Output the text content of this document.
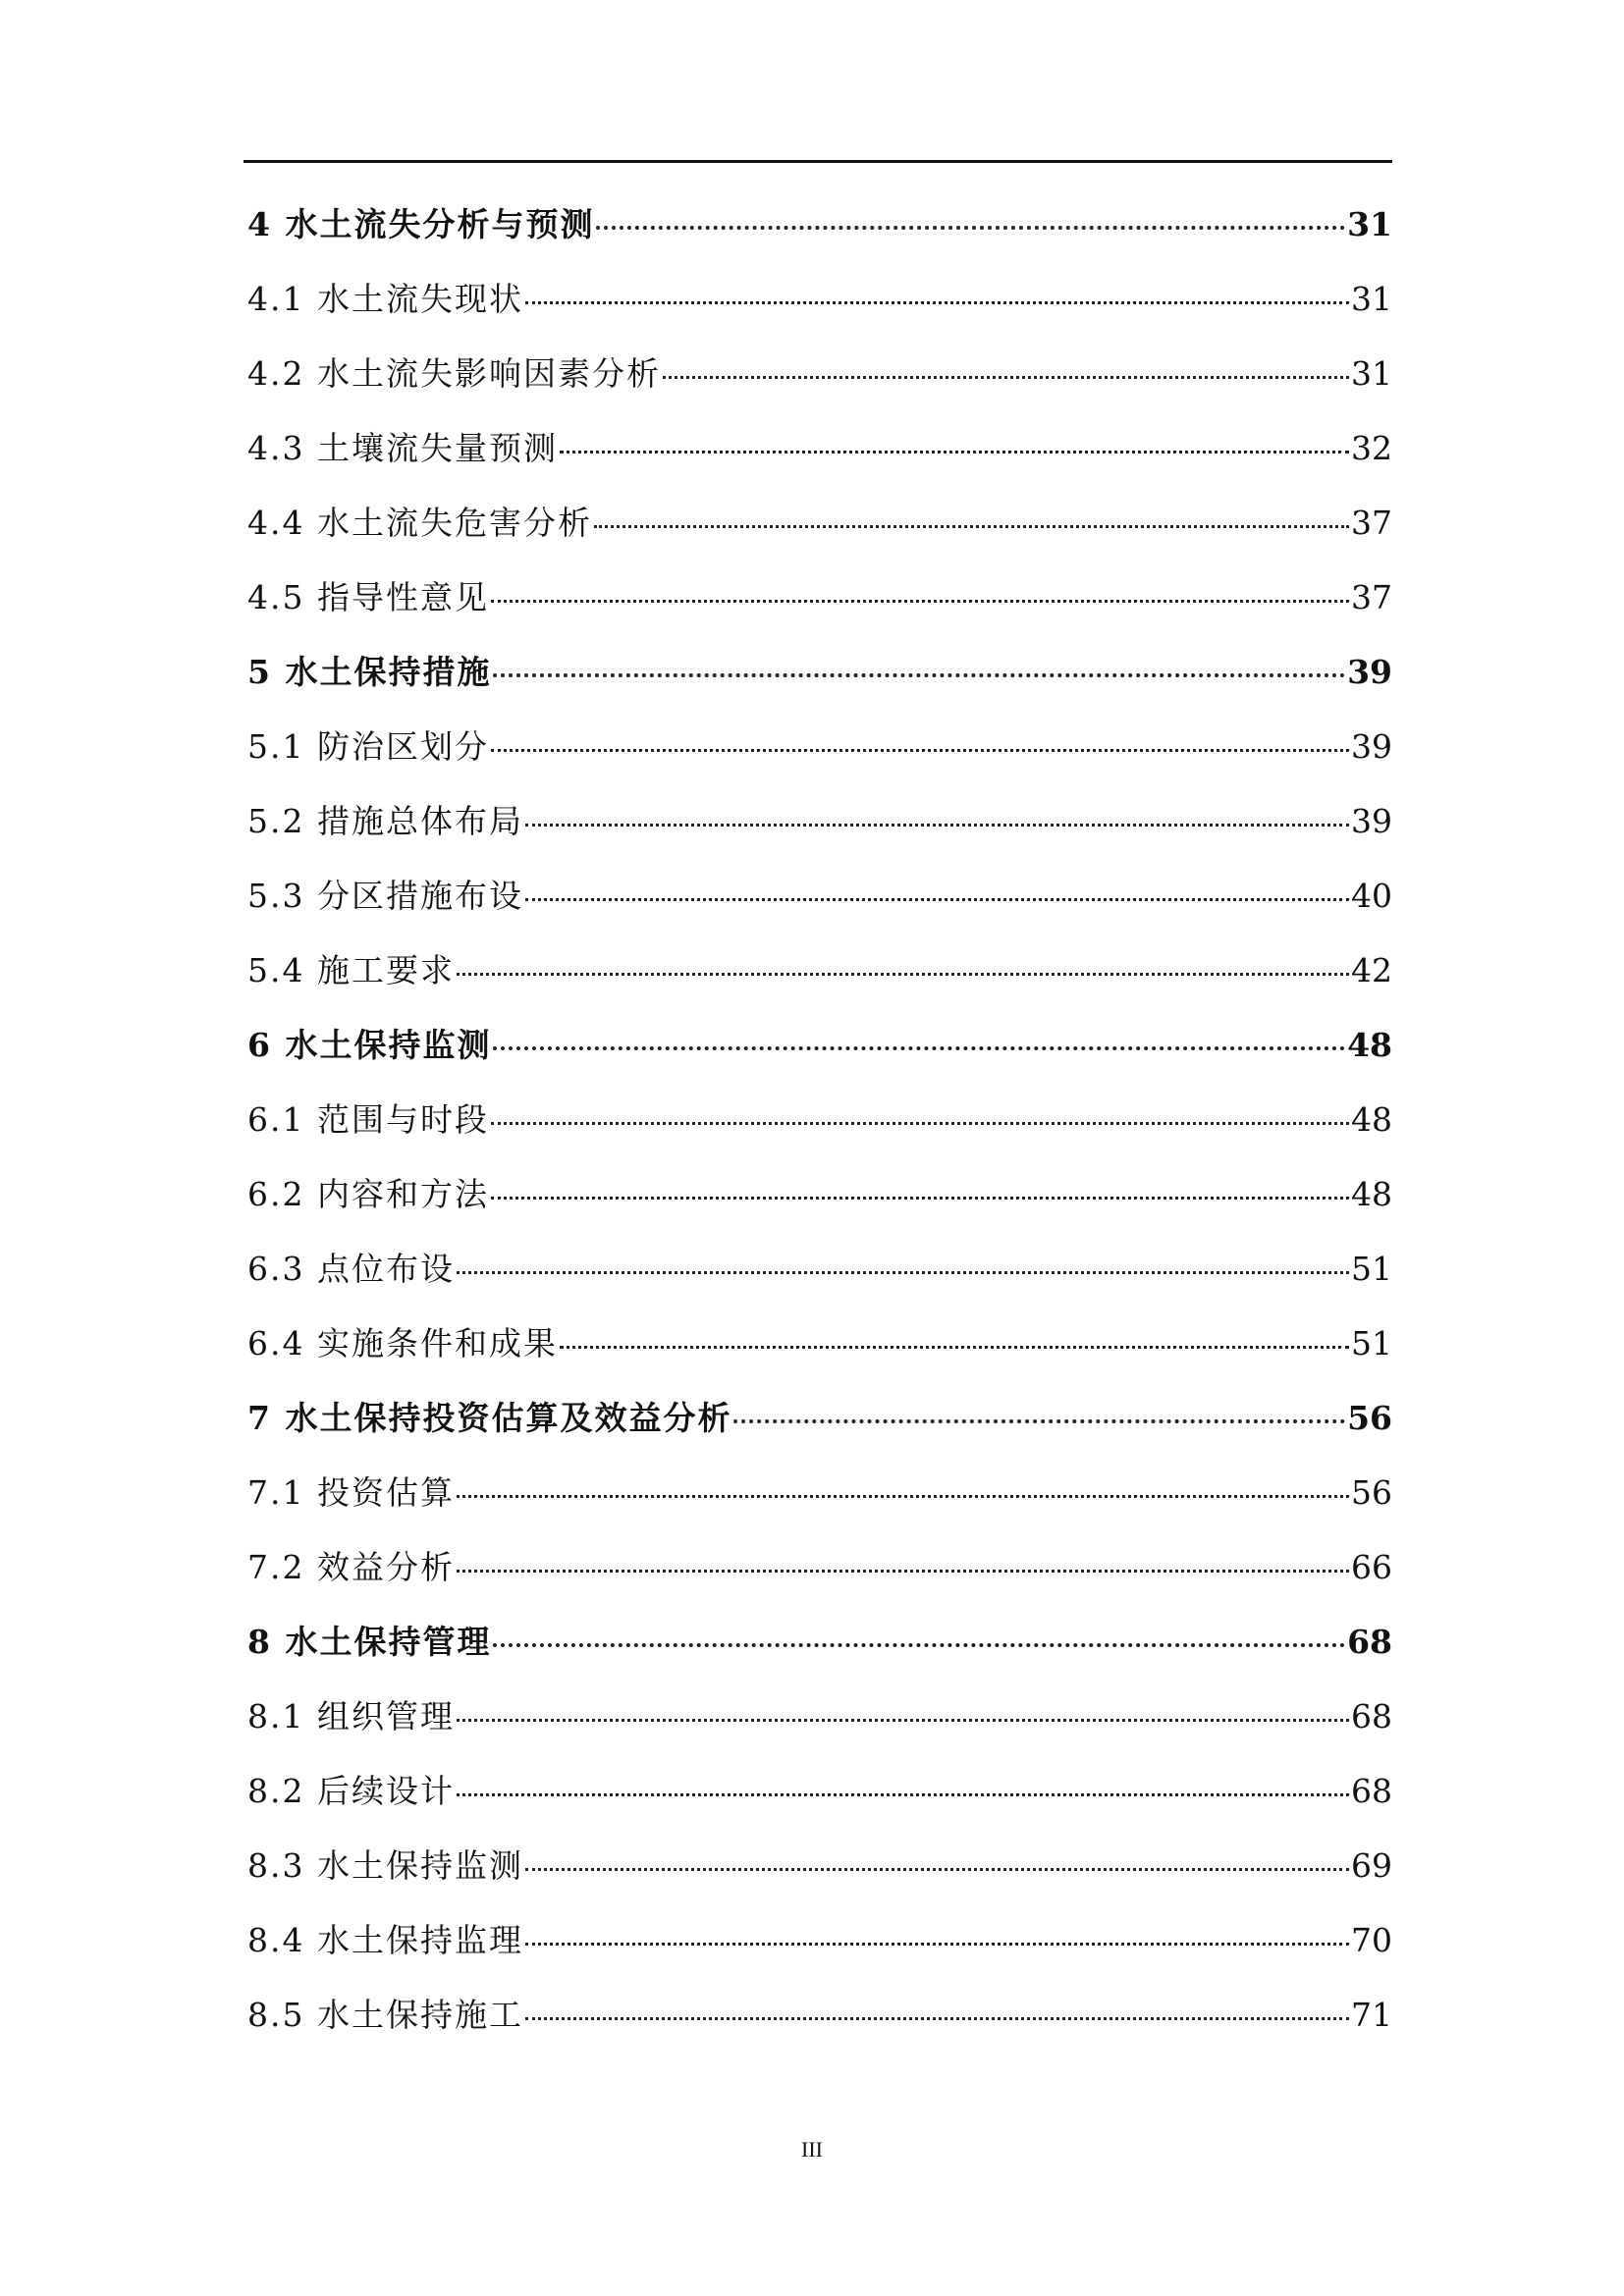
4 水土流失分析与预测	31
4.1 水土流失现状	31
4.2 水土流失影响因素分析	31
4.3 土壤流失量预测	32
4.4 水土流失危害分析	37
4.5 指导性意见	37
5 水土保持措施	39
5.1 防治区划分	39
5.2 措施总体布局	39
5.3 分区措施布设	40
5.4 施工要求	42
6 水土保持监测	48
6.1 范围与时段	48
6.2 内容和方法	48
6.3 点位布设	51
6.4 实施条件和成果	51
7 水土保持投资估算及效益分析	56
7.1 投资估算	56
7.2 效益分析	66
8 水土保持管理	68
8.1 组织管理	68
8.2 后续设计	68
8.3 水土保持监测	69
8.4 水土保持监理	70
8.5 水土保持施工	71
III
